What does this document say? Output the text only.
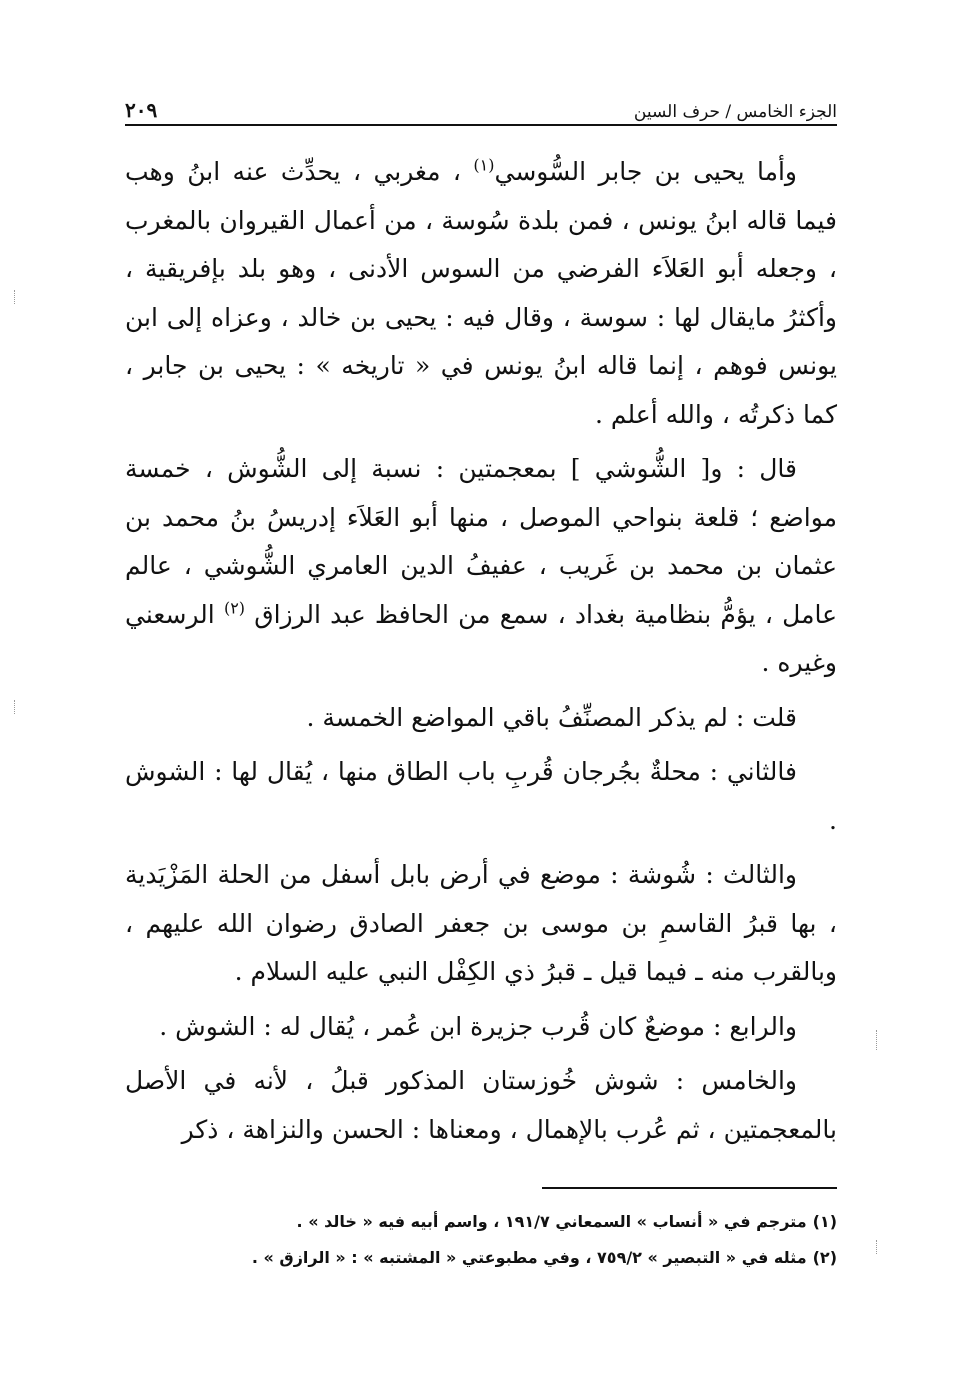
الجزء الخامس / حرف السين
٢٠٩

وأما يحيى بن جابر السُّوسي$^{(١)}$ ، مغربي ، يحدِّث عنه ابنُ وهب فيما قاله ابنُ يونس ، فمن بلدة سُوسة ، من أعمال القيروان بالمغرب ، وجعله أبو العَلاَء الفرضي من السوس الأدنى ، وهو بلد بإفريقية ، وأكثرُ مايقال لها : سوسة ، وقال فيه : يحيى بن خالد ، وعزاه إلى ابن يونس فوهم ، إنما قاله ابنُ يونس في « تاريخه » : يحيى بن جابر ، كما ذكرتُه ، والله أعلم .

قال : و[ الشُّوشي ] بمعجمتين : نسبة إلى الشُّوش ، خمسة مواضع ؛ قلعة بنواحي الموصل ، منها أبو العَلاَء إدريسُ بنُ محمد بن عثمان بن محمد بن غَريب ، عفيفُ الدين العامري الشُّوشي ، عالم عامل ، يؤمُّ بنظامية بغداد ، سمع من الحافظ عبد الرزاق $^{(٢)}$ الرسعني وغيره .

قلت : لم يذكر المصنِّفُ باقي المواضع الخمسة .

فالثاني : محلةٌ بجُرجان قُربِ باب الطاق منها ، يُقال لها : الشوش .

والثالث : شُوشة : موضع في أرض بابل أسفل من الحلة المَزْيَدية ، بها قبرُ القاسمِ بن موسى بن جعفر الصادق رضوان الله عليهم ، وبالقرب منه ـ فيما قيل ـ قبرُ ذي الكِفْل النبي عليه السلام .

والرابع : موضعٌ كان قُرب جزيرة ابن عُمر ، يُقال له : الشوش .

والخامس : شوش خُوزستان المذكور قبلُ ، لأنه في الأصل بالمعجمتين ، ثم عُرب بالإهمال ، ومعناها : الحسن والنزاهة ، ذكر

(١)مترجم في « أنساب » السمعاني ١٩١/٧ ، واسم أبيه فيه « خالد » .

(٢)مثله في « التبصير » ٧٥٩/٢ ، وفي مطبوعتي « المشتبه » : « الرازق » .
